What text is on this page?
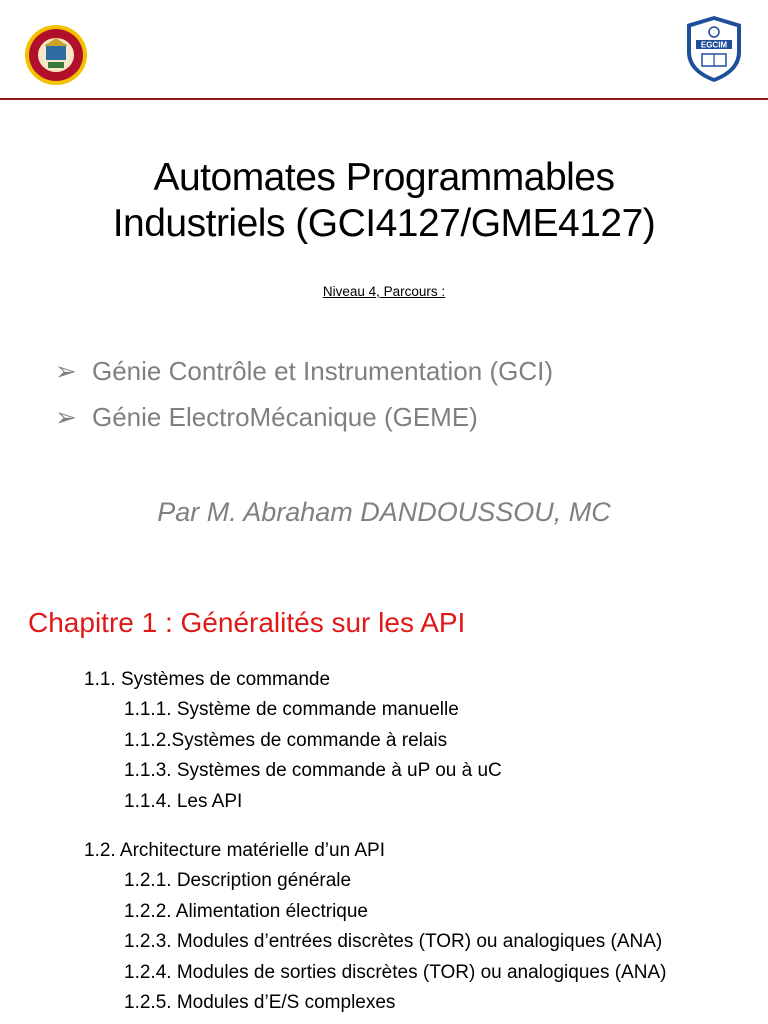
EGCIM
Automates Programmables
Industriels (GCI4127/GME4127)
Niveau 4, Parcours :
➢ Génie Contrôle et Instrumentation (GCI)
➢ Génie ElectroMécanique (GEME)
Par M. Abraham DANDOUSSOU, MC
Chapitre 1 : Généralités sur les API
1.1. Systèmes de commande
1.1.1. Système de commande manuelle
1.1.2.Systèmes de commande à relais
1.1.3. Systèmes de commande à uP ou à uC
1.1.4. Les API
1.2. Architecture matérielle d’un API
1.2.1. Description générale
1.2.2. Alimentation électrique
1.2.3. Modules d’entrées discrètes (TOR) ou analogiques (ANA)
1.2.4. Modules de sorties discrètes (TOR) ou analogiques (ANA)
1.2.5. Modules d’E/S complexes
